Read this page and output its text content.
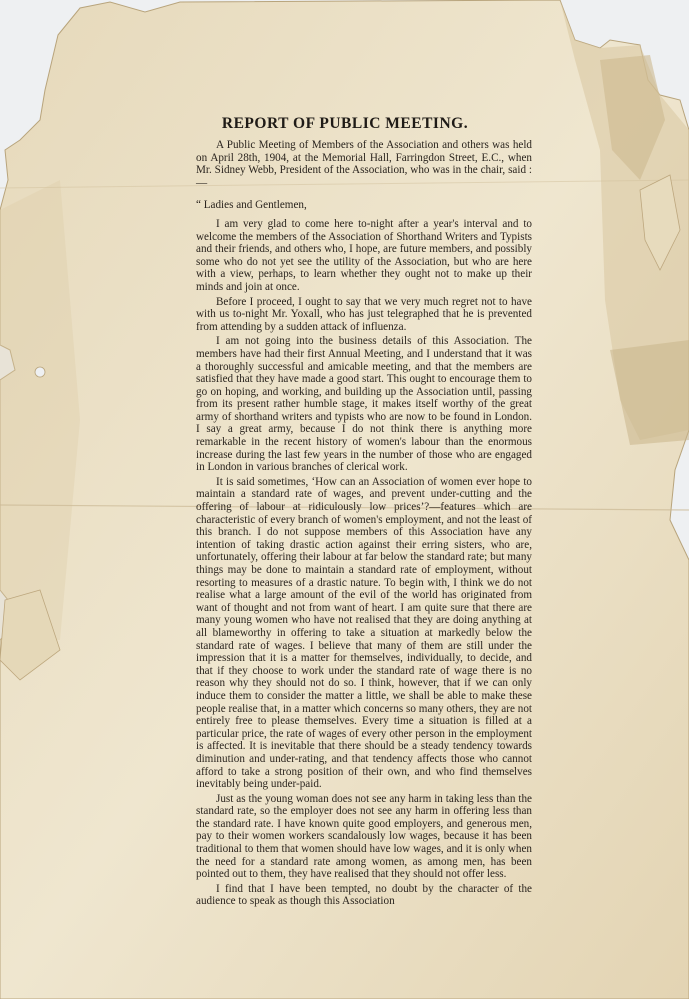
REPORT OF PUBLIC MEETING.

A Public Meeting of Members of the Association and others was held on April 28th, 1904, at the Memorial Hall, Farringdon Street, E.C., when Mr. Sidney Webb, President of the Association, who was in the chair, said :—

“ Ladies and Gentlemen,

I am very glad to come here to-night after a year's interval and to welcome the members of the Association of Shorthand Writers and Typists and their friends, and others who, I hope, are future members, and possibly some who do not yet see the utility of the Association, but who are here with a view, perhaps, to learn whether they ought not to make up their minds and join at once.

Before I proceed, I ought to say that we very much regret not to have with us to-night Mr. Yoxall, who has just telegraphed that he is prevented from attending by a sudden attack of influenza.

I am not going into the business details of this Association. The members have had their first Annual Meeting, and I understand that it was a thoroughly successful and amicable meeting, and that the members are satisfied that they have made a good start. This ought to encourage them to go on hoping, and working, and building up the Association until, passing from its present rather humble stage, it makes itself worthy of the great army of shorthand writers and typists who are now to be found in London. I say a great army, because I do not think there is anything more remarkable in the recent history of women's labour than the enormous increase during the last few years in the number of those who are engaged in London in various branches of clerical work.

It is said sometimes, ‘How can an Association of women ever hope to maintain a standard rate of wages, and prevent under-cutting and the offering of labour at ridiculously low prices’?—features which are characteristic of every branch of women's employment, and not the least of this branch. I do not suppose members of this Association have any intention of taking drastic action against their erring sisters, who are, unfortunately, offering their labour at far below the standard rate; but many things may be done to maintain a standard rate of employment, without resorting to measures of a drastic nature. To begin with, I think we do not realise what a large amount of the evil of the world has originated from want of thought and not from want of heart. I am quite sure that there are many young women who have not realised that they are doing anything at all blameworthy in offering to take a situation at markedly below the standard rate of wages. I believe that many of them are still under the impression that it is a matter for themselves, individually, to decide, and that if they choose to work under the standard rate of wage there is no reason why they should not do so. I think, however, that if we can only induce them to consider the matter a little, we shall be able to make these people realise that, in a matter which concerns so many others, they are not entirely free to please themselves. Every time a situation is filled at a particular price, the rate of wages of every other person in the employment is affected. It is inevitable that there should be a steady tendency towards diminution and under-rating, and that tendency affects those who cannot afford to take a strong position of their own, and who find themselves inevitably being under-paid.

Just as the young woman does not see any harm in taking less than the standard rate, so the employer does not see any harm in offering less than the standard rate. I have known quite good employers, and generous men, pay to their women workers scandalously low wages, because it has been traditional to them that women should have low wages, and it is only when the need for a standard rate among women, as among men, has been pointed out to them, they have realised that they should not offer less.

I find that I have been tempted, no doubt by the character of the audience to speak as though this Association
